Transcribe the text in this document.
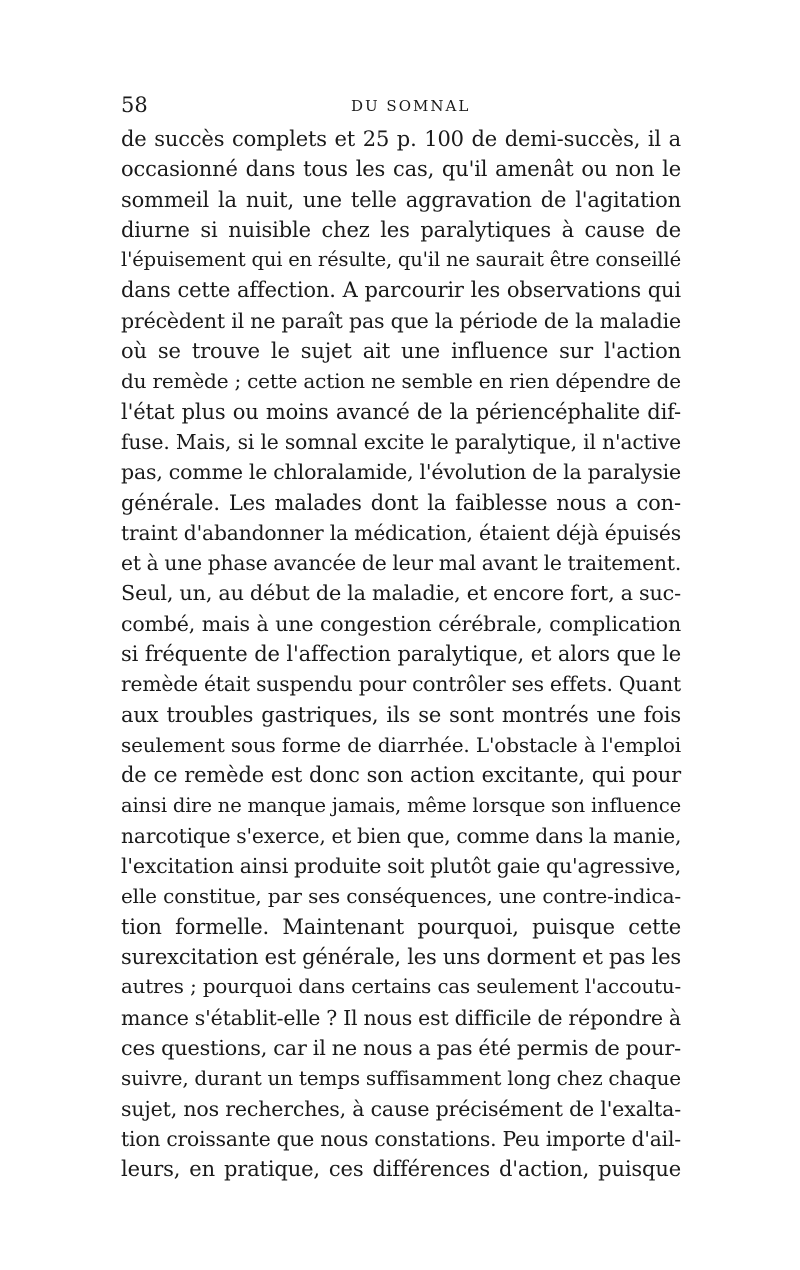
58	DU SOMNAL
de succès complets et 25 p. 100 de demi-succès, il a
occasionné dans tous les cas, qu'il amenât ou non le
sommeil la nuit, une telle aggravation de l'agitation
diurne si nuisible chez les paralytiques à cause de
l'épuisement qui en résulte, qu'il ne saurait être conseillé
dans cette affection. A parcourir les observations qui
précèdent il ne paraît pas que la période de la maladie
où se trouve le sujet ait une influence sur l'action
du remède ; cette action ne semble en rien dépendre de
l'état plus ou moins avancé de la périencéphalite dif-
fuse. Mais, si le somnal excite le paralytique, il n'active
pas, comme le chloralamide, l'évolution de la paralysie
générale. Les malades dont la faiblesse nous a con-
traint d'abandonner la médication, étaient déjà épuisés
et à une phase avancée de leur mal avant le traitement.
Seul, un, au début de la maladie, et encore fort, a suc-
combé, mais à une congestion cérébrale, complication
si fréquente de l'affection paralytique, et alors que le
remède était suspendu pour contrôler ses effets. Quant
aux troubles gastriques, ils se sont montrés une fois
seulement sous forme de diarrhée. L'obstacle à l'emploi
de ce remède est donc son action excitante, qui pour
ainsi dire ne manque jamais, même lorsque son influence
narcotique s'exerce, et bien que, comme dans la manie,
l'excitation ainsi produite soit plutôt gaie qu'agressive,
elle constitue, par ses conséquences, une contre-indica-
tion formelle. Maintenant pourquoi, puisque cette
surexcitation est générale, les uns dorment et pas les
autres ; pourquoi dans certains cas seulement l'accoutu-
mance s'établit-elle ? Il nous est difficile de répondre à
ces questions, car il ne nous a pas été permis de pour-
suivre, durant un temps suffisamment long chez chaque
sujet, nos recherches, à cause précisément de l'exalta-
tion croissante que nous constations. Peu importe d'ail-
leurs, en pratique, ces différences d'action, puisque
